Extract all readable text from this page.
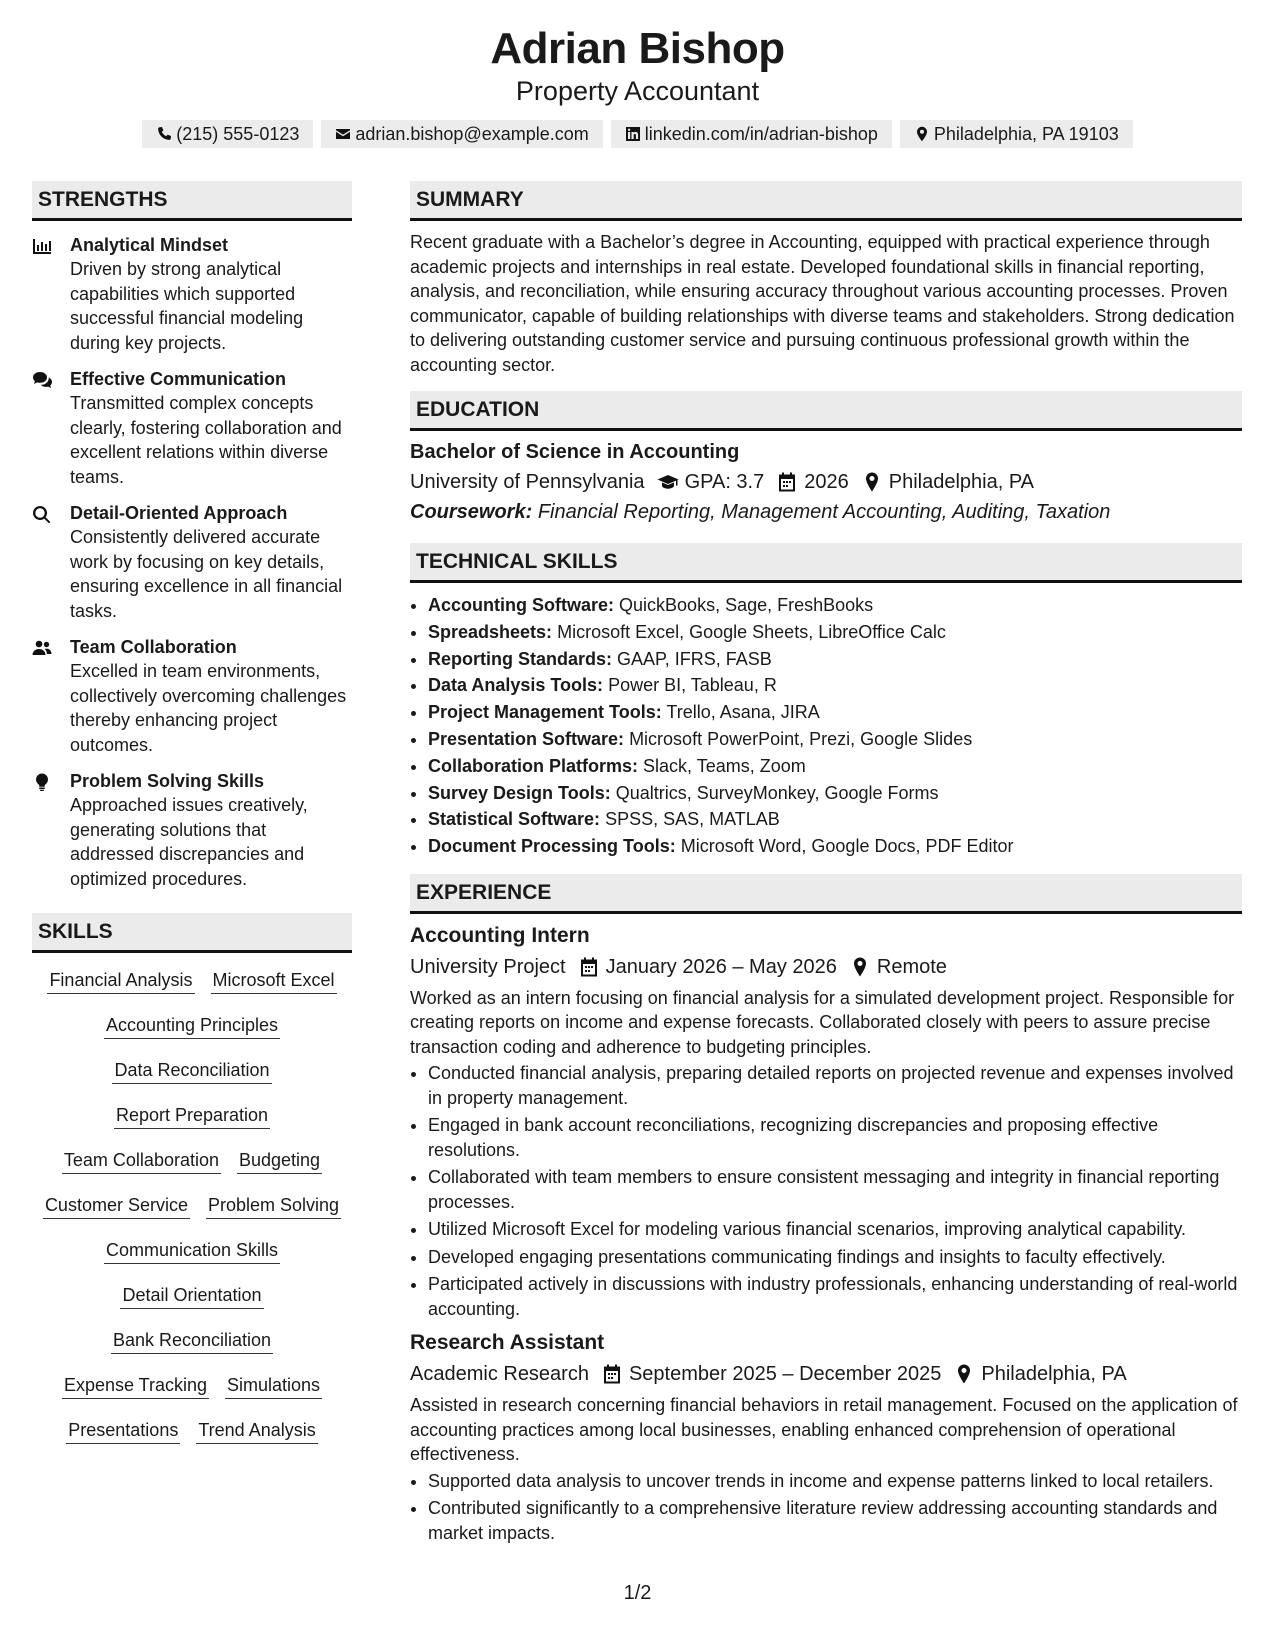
Adrian Bishop
Property Accountant
(215) 555-0123	adrian.bishop@example.com	linkedin.com/in/adrian-bishop	Philadelphia, PA 19103
STRENGTHS
Analytical Mindset
Driven by strong analytical capabilities which supported successful financial modeling during key projects.
Effective Communication
Transmitted complex concepts clearly, fostering collaboration and excellent relations within diverse teams.
Detail-Oriented Approach
Consistently delivered accurate work by focusing on key details, ensuring excellence in all financial tasks.
Team Collaboration
Excelled in team environments, collectively overcoming challenges thereby enhancing project outcomes.
Problem Solving Skills
Approached issues creatively, generating solutions that addressed discrepancies and optimized procedures.
SKILLS
Financial Analysis Microsoft Excel
Accounting Principles
Data Reconciliation
Report Preparation
Team Collaboration Budgeting
Customer Service Problem Solving
Communication Skills
Detail Orientation
Bank Reconciliation
Expense Tracking Simulations
Presentations Trend Analysis
SUMMARY
Recent graduate with a Bachelor’s degree in Accounting, equipped with practical experience through academic projects and internships in real estate. Developed foundational skills in financial reporting, analysis, and reconciliation, while ensuring accuracy throughout various accounting processes. Proven communicator, capable of building relationships with diverse teams and stakeholders. Strong dedication to delivering outstanding customer service and pursuing continuous professional growth within the accounting sector.
EDUCATION
Bachelor of Science in Accounting
University of Pennsylvania GPA: 3.7 2026 Philadelphia, PA
Coursework: Financial Reporting, Management Accounting, Auditing, Taxation
TECHNICAL SKILLS
• Accounting Software: QuickBooks, Sage, FreshBooks
• Spreadsheets: Microsoft Excel, Google Sheets, LibreOffice Calc
• Reporting Standards: GAAP, IFRS, FASB
• Data Analysis Tools: Power BI, Tableau, R
• Project Management Tools: Trello, Asana, JIRA
• Presentation Software: Microsoft PowerPoint, Prezi, Google Slides
• Collaboration Platforms: Slack, Teams, Zoom
• Survey Design Tools: Qualtrics, SurveyMonkey, Google Forms
• Statistical Software: SPSS, SAS, MATLAB
• Document Processing Tools: Microsoft Word, Google Docs, PDF Editor
EXPERIENCE
Accounting Intern
University Project January 2026 – May 2026 Remote
Worked as an intern focusing on financial analysis for a simulated development project. Responsible for creating reports on income and expense forecasts. Collaborated closely with peers to assure precise transaction coding and adherence to budgeting principles.
• Conducted financial analysis, preparing detailed reports on projected revenue and expenses involved in property management.
• Engaged in bank account reconciliations, recognizing discrepancies and proposing effective resolutions.
• Collaborated with team members to ensure consistent messaging and integrity in financial reporting processes.
• Utilized Microsoft Excel for modeling various financial scenarios, improving analytical capability.
• Developed engaging presentations communicating findings and insights to faculty effectively.
• Participated actively in discussions with industry professionals, enhancing understanding of real-world accounting.
Research Assistant
Academic Research September 2025 – December 2025 Philadelphia, PA
Assisted in research concerning financial behaviors in retail management. Focused on the application of accounting practices among local businesses, enabling enhanced comprehension of operational effectiveness.
• Supported data analysis to uncover trends in income and expense patterns linked to local retailers.
• Contributed significantly to a comprehensive literature review addressing accounting standards and market impacts.
1/2
